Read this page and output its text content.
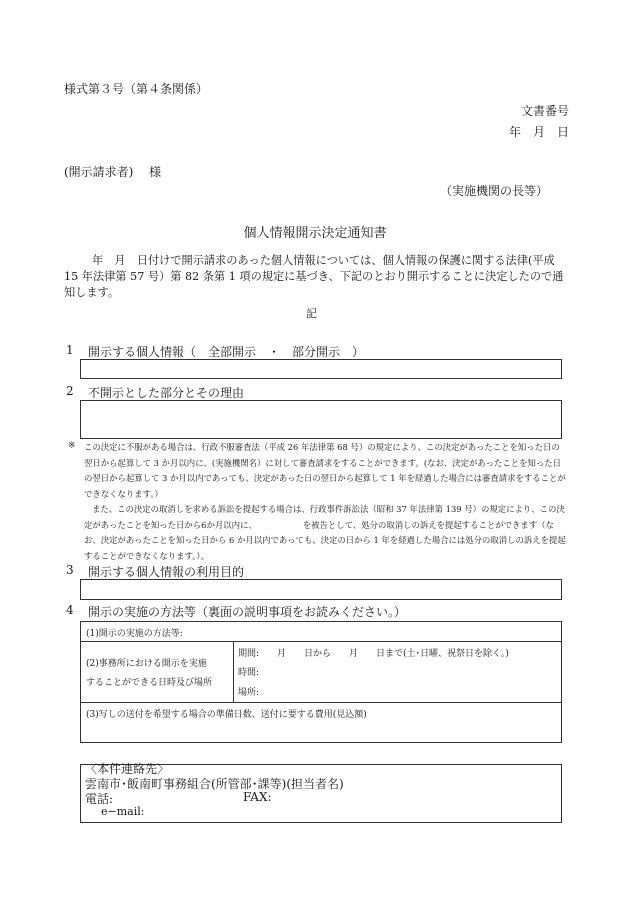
様式第３号（第４条関係）
文書番号
年　月　日
(開示請求者)　 様
（実施機関の長等）
個人情報開示決定通知書
年　月　日付けで開示請求のあった個人情報については、個人情報の保護に関する法律(平成 15 年法律第 57 号）第 82 条第 1 項の規定に基づき、下記のとおり開示することに決定したので通知します。
記
1 開示する個人情報（　全部開示　・　部分開示　）
2 不開示とした部分とその理由
※ この決定に不服がある場合は、行政不服審査法（平成 26 年法律第 68 号）の規定により、この決定があったことを知った日の翌日から起算して 3 か月以内に、(実施機関名）に対して審査請求をすることができます。(なお、決定があったことを知った日の翌日から起算して 3 か月以内であっても、決定があった日の翌日から起算して 1 年を経過した場合には審査請求をすることができなくなります。）

また、この決定の取消しを求める訴訟を提起する場合は、行政事件訴訟法（昭和 37 年法律第 139 号）の規定により、この決定があったことを知った日から6か月以内に、　　　　　　を被告として、処分の取消しの訴えを提起することができます（なお、決定があったことを知った日から 6 か月以内であっても、決定の日から 1 年を経過した場合には処分の取消しの訴えを提起することができなくなります。）。

3 開示する個人情報の利用目的
4 開示の実施の方法等（裏面の説明事項をお読みください。）
(1)開示の実施の方法等:
(2)事務所における開示を実施
することができる日時及び場所
期間:　　月　　日から　　月　　日まで(土･日曜、祝祭日を除く。)
時間:
場所:
(3)写しの送付を希望する場合の準備日数、送付に要する費用(見込額)
〈本件連絡先〉
雲南市･飯南町事務組合(所管部･課等)(担当者名)
電話:	FAX:
e−mail:
